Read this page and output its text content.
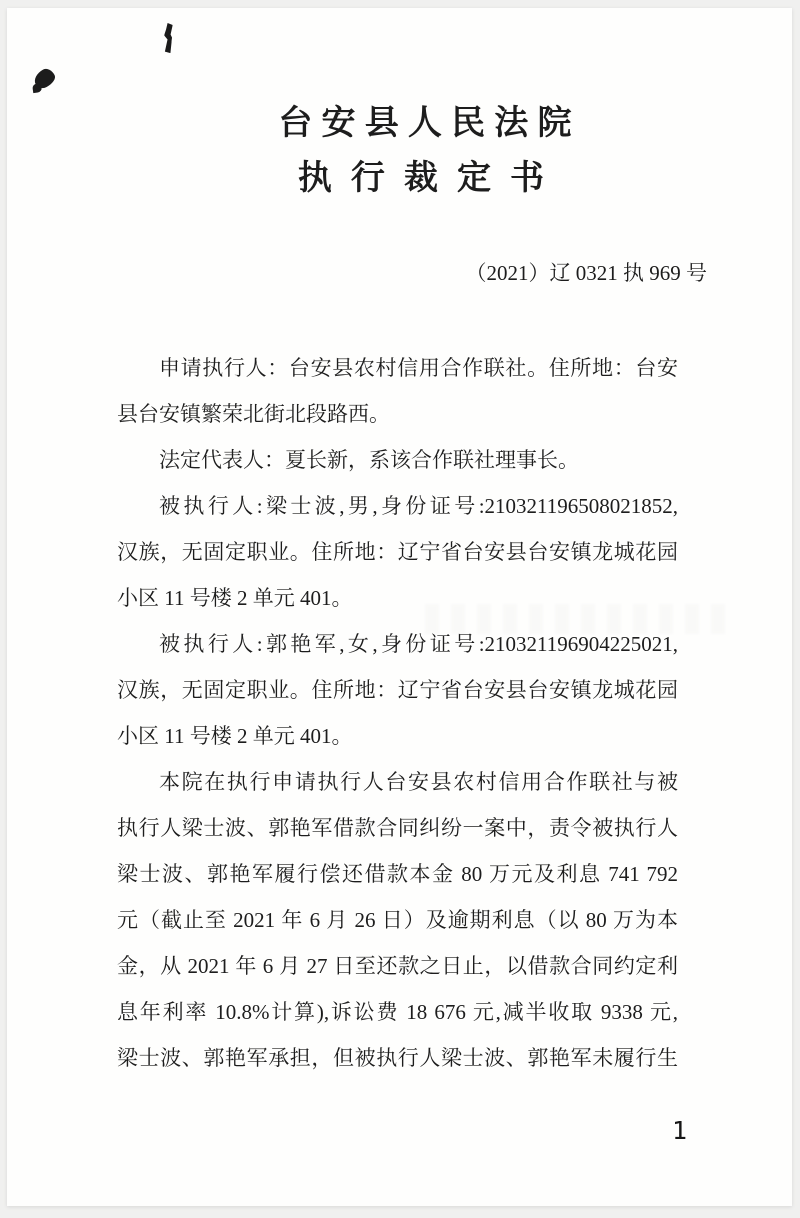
台安县人民法院
执行裁定书
（2021）辽 0321 执 969 号
申请执行人：台安县农村信用合作联社。住所地：台安
县台安镇繁荣北街北段路西。
法定代表人：夏长新，系该合作联社理事长。
被执行人:梁士波,男,身份证号:210321196508021852,
汉族，无固定职业。住所地：辽宁省台安县台安镇龙城花园
小区 11 号楼 2 单元 401。
被执行人:郭艳军,女,身份证号:210321196904225021,
汉族，无固定职业。住所地：辽宁省台安县台安镇龙城花园
小区 11 号楼 2 单元 401。
本院在执行申请执行人台安县农村信用合作联社与被
执行人梁士波、郭艳军借款合同纠纷一案中，责令被执行人
梁士波、郭艳军履行偿还借款本金 80 万元及利息 741 792
元（截止至 2021 年 6 月 26 日）及逾期利息（以 80 万为本
金，从 2021 年 6 月 27 日至还款之日止，以借款合同约定利
息年利率 10.8%计算),诉讼费 18 676 元,减半收取 9338 元,
梁士波、郭艳军承担，但被执行人梁士波、郭艳军未履行生
1
